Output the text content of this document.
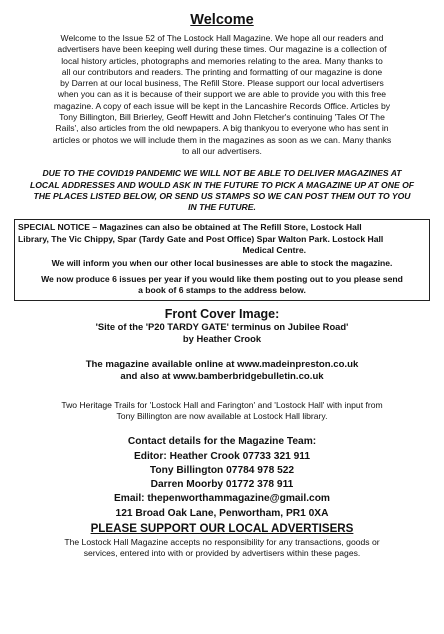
Welcome
Welcome to the Issue 52 of The Lostock Hall Magazine. We hope all our readers and
advertisers have been keeping well during these times. Our magazine is a collection of
local history articles, photographs and memories relating to the area. Many thanks to
all our contributors and readers. The printing and formatting of our magazine is done
by Darren at our local business, The Refill Store. Please support our local advertisers
when you can as it is because of their support we are able to provide you with this free
magazine. A copy of each issue will be kept in the Lancashire Records Office. Articles by
Tony Billington, Bill Brierley, Geoff Hewitt and John Fletcher's continuing 'Tales Of The
Rails', also articles from the old newpapers. A big thankyou to everyone who has sent in
articles or photos we will include them in the magazines as soon as we can. Many thanks
to all our advertisers.
DUE TO THE COVID19 PANDEMIC WE WILL NOT BE ABLE TO DELIVER MAGAZINES AT
LOCAL ADDRESSES AND WOULD ASK IN THE FUTURE TO PICK A MAGAZINE UP AT ONE OF
THE PLACES LISTED BELOW, OR SEND US STAMPS SO WE CAN POST THEM OUT TO YOU
IN THE FUTURE.
SPECIAL NOTICE – Magazines can also be obtained at The Refill Store, Lostock Hall
Library, The Vic Chippy, Spar (Tardy Gate and Post Office) Spar Walton Park. Lostock Hall
Medical Centre.
We will inform you when our other local businesses are able to stock the magazine.
We now produce 6 issues per year if you would like them posting out to you please send
a book of 6 stamps to the address below.
Front Cover Image:
'Site of the 'P20 TARDY GATE' terminus on Jubilee Road'
by Heather Crook
The magazine available online at www.madeinpreston.co.uk
and also at www.bamberbridgebulletin.co.uk
Two Heritage Trails for 'Lostock Hall and Farington' and 'Lostock Hall' with input from
Tony Billington are now available at Lostock Hall library.
Contact details for the Magazine Team:
Editor: Heather Crook 07733 321 911
Tony Billington 07784 978 522
Darren Moorby 01772 378 911
Email: thepenworthammagazine@gmail.com
121 Broad Oak Lane, Penwortham, PR1 0XA
PLEASE SUPPORT OUR LOCAL ADVERTISERS
The Lostock Hall Magazine accepts no responsibility for any transactions, goods or
services, entered into with or provided by advertisers within these pages.
